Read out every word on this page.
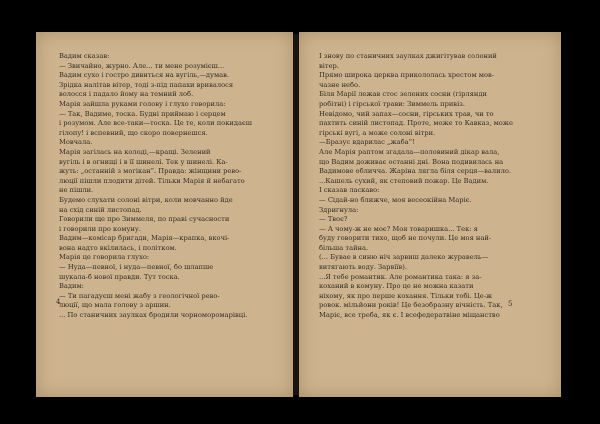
Вадим сказав:
— Звичайно, журно. Але... ти мене розумієш...
Вадим сухо і гостро дивиться на вугіль,—думав.
Зрідка налітав вітер, тоді з-під папахи вривалося
волосся і падало йому на темний лоб.
Марія зайшла руками голову і глухо говорила:
— Так, Вадиме, тоска. Будні приймаю і серцем
і розумом. Але все-таки—тоска. Це те, коли покидаєш
гілопу! і вспевний, що скоро повернешся.
Мовчала.
Марія загілась на колоді,—кращі. Зелений
вугіль і в огнищі і в її шинелі. Тек у шинелі. Ка-
жуть: „останній з могікан”. Правда: жінщини рево-
люції пішли плодити дітей. Тільки Марія й небагато
не пішли.
Будемо слухати солоні вітри, коли мовчанно йде
на схід синій листопад.
Говорили ще про Зиммеля, по праві сучасности
і говорили про комуну.
Вадим—комісар бригади, Марія—крапка, вкочі-
вона надто вкілилась, і політком.
Марія це говорила глухо:
— Нуда—певної, і нуда—певної, бо шлапше
шукала-б нової правди. Тут тоска.
Вадим:
— Ти пагадуєш мені жабу з геологічної рево-
люції, що мала голову з аршин.
... По станичних заулках бродили чорноморомарівці.
4
І знову по станичних заулках джигітував солоний
вітер.
Прямо широка церква прикололась хрестом мов-
чазне небо.
Біля Марії лежав стос зелених сосни (гірлянди
робітні) і гірської трави: Зиммель привіз.
Невідомо, чий запах—сосни, гірських трав, чи то
пахтить синій листопад. Проте, може то Кавказ, може
гірські вугі, а може солоні вітри.
—Бразус вдарилас „жаба”!
Але Марія раптом згадала—половиний дікар вала,
що Вадим доживає останні дні. Вона подивилась на
Вадимове обличча. Жаріна лягла біля серця—валило.
...Кашель сухий, як степовий пожар. Це Вадим.
І сказав ласкаво:
— Сідай-но ближче, моя весеокійна Маріє.
Здригнула:
— Твоє?
— А чому-ж не моє? Моя товаришка... Тек: я
буду говорити тихо, щоб не почули. Це моя най-
більша тайна.
(... Бувае в синю ніч зарвиш далеко журавель—
витягають воду. Зарвіїв).
...Я тебе романтик. Але романтика така: я за-
коханий в комуну. Про це не можна казати
ніхому, як про перше кохання. Тільки тобі. Це-ж
ровок. мільйони років! Це безобразну вічність. Так,
Маріє, все треба, як є. І всефедератвіне міщанство
5
